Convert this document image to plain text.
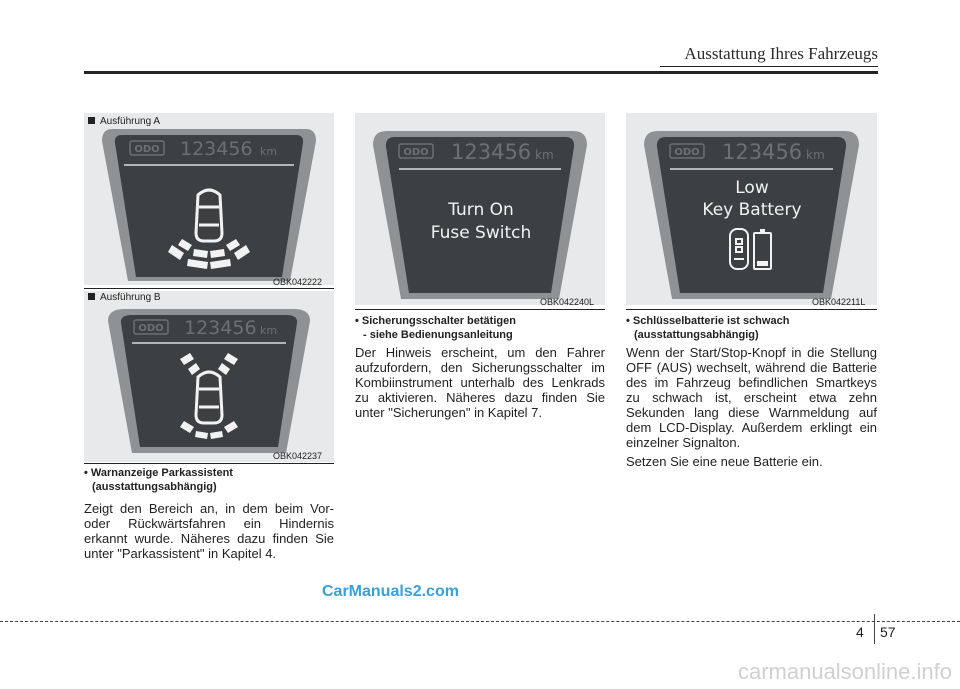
Ausstattung Ihres Fahrzeugs
ODO 123456 km
Ausführung A
OBK042222
ODO 123456 km
Ausführung B
OBK042237
ODO 123456 km
Turn On
Fuse Switch
OBK042240L
ODO 123456 km
Low
Key Battery
OBK042211L
• Warnanzeige Parkassistent
(ausstattungsabhängig)

Zeigt den Bereich an, in dem beim Vor- oder Rückwärtsfahren ein Hindernis erkannt wurde. Näheres dazu finden Sie unter "Parkassistent" in Kapitel 4.

• Sicherungsschalter betätigen
- siehe Bedienungsanleitung

Der Hinweis erscheint, um den Fahrer aufzufordern, den Sicherungsschalter im Kombiinstrument unterhalb des Lenkrads zu aktivieren. Näheres dazu finden Sie unter "Sicherungen" in Kapitel 7.

• Schlüsselbatterie ist schwach
(ausstattungsabhängig)

Wenn der Start/Stop-Knopf in die Stellung OFF (AUS) wechselt, während die Batterie des im Fahrzeug befindlichen Smartkeys zu schwach ist, erscheint etwa zehn Sekunden lang diese Warnmeldung auf dem LCD-Display. Außerdem erklingt ein einzelner Signalton.

Setzen Sie eine neue Batterie ein.

CarManuals2.com
4 57
carmanualsonline.info
